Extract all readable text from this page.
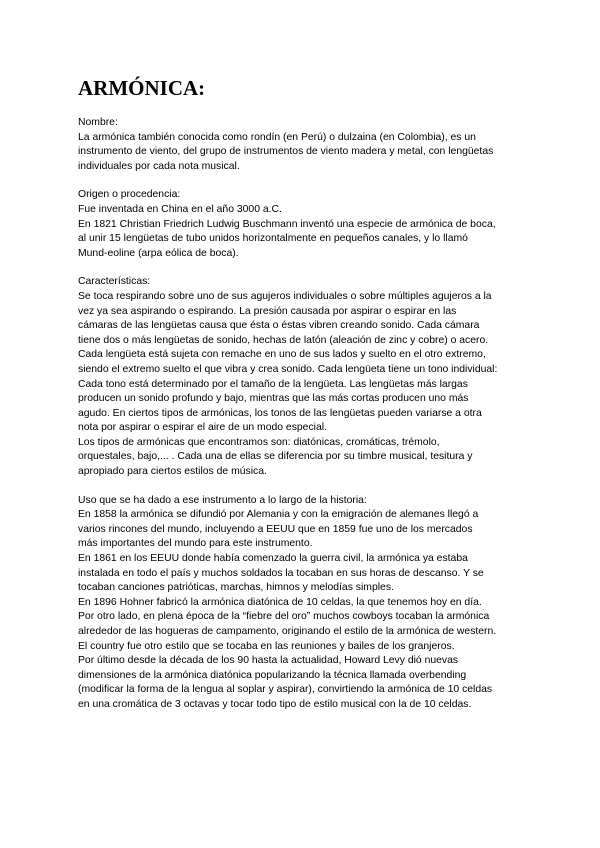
ARMÓNICA:
Nombre:
La armónica también conocida como rondín (en Perú) o dulzaina (en Colombia), es un
instrumento de viento, del grupo de instrumentos de viento madera y metal, con lengüetas
individuales por cada nota musical.
Origen o procedencia:
Fue inventada en China en el año 3000 a.C.
En 1821 Christian Friedrich Ludwig Buschmann inventó una especie de armónica de boca,
al unir 15 lengüetas de tubo unidos horizontalmente en pequeños canales, y lo llamó
Mund-eoline (arpa eólica de boca).
Características:
Se toca respirando sobre uno de sus agujeros individuales o sobre múltiples agujeros a la
vez ya sea aspirando o espirando. La presión causada por aspirar o espirar en las
cámaras de las lengüetas causa que ésta o éstas vibren creando sonido. Cada cámara
tiene dos o más lengüetas de sonido, hechas de latón (aleación de zinc y cobre) o acero.
Cada lengüeta está sujeta con remache en uno de sus lados y suelto en el otro extremo,
siendo el extremo suelto el que vibra y crea sonido. Cada lengüeta tiene un tono individual:
Cada tono está determinado por el tamaño de la lengüeta. Las lengüetas más largas
producen un sonido profundo y bajo, mientras que las más cortas producen uno más
agudo. En ciertos tipos de armónicas, los tonos de las lengüetas pueden variarse a otra
nota por aspirar o espirar el aire de un modo especial.
Los tipos de armónicas que encontramos son: diatónicas, cromáticas, trémolo,
orquestales, bajo,... . Cada una de ellas se diferencia por su timbre musical, tesitura y
apropiado para ciertos estilos de música.
Uso que se ha dado a ese instrumento a lo largo de la historia:
En 1858 la armónica se difundió por Alemania y con la emigración de alemanes llegó a
varios rincones del mundo, incluyendo a EEUU que en 1859 fue uno de los mercados
más importantes del mundo para este instrumento.
En 1861 en los EEUU donde había comenzado la guerra civil, la armónica ya estaba
instalada en todo el país y muchos soldados la tocaban en sus horas de descanso. Y se
tocaban canciones patrióticas, marchas, himnos y melodías simples.
En 1896 Hohner fabricó la armónica diatónica de 10 celdas, la que tenemos hoy en día.
Por otro lado, en plena época de la “fiebre del oro” muchos cowboys tocaban la armónica
alrededor de las hogueras de campamento, originando el estilo de la armónica de western.
El country fue otro estilo que se tocaba en las reuniones y bailes de los granjeros.
Por último desde la década de los 90 hasta la actualidad, Howard Levy dió nuevas
dimensiones de la armónica diatónica popularizando la técnica llamada overbending
(modificar la forma de la lengua al soplar y aspirar), convirtiendo la armónica de 10 celdas
en una cromática de 3 octavas y tocar todo tipo de estilo musical con la de 10 celdas.
